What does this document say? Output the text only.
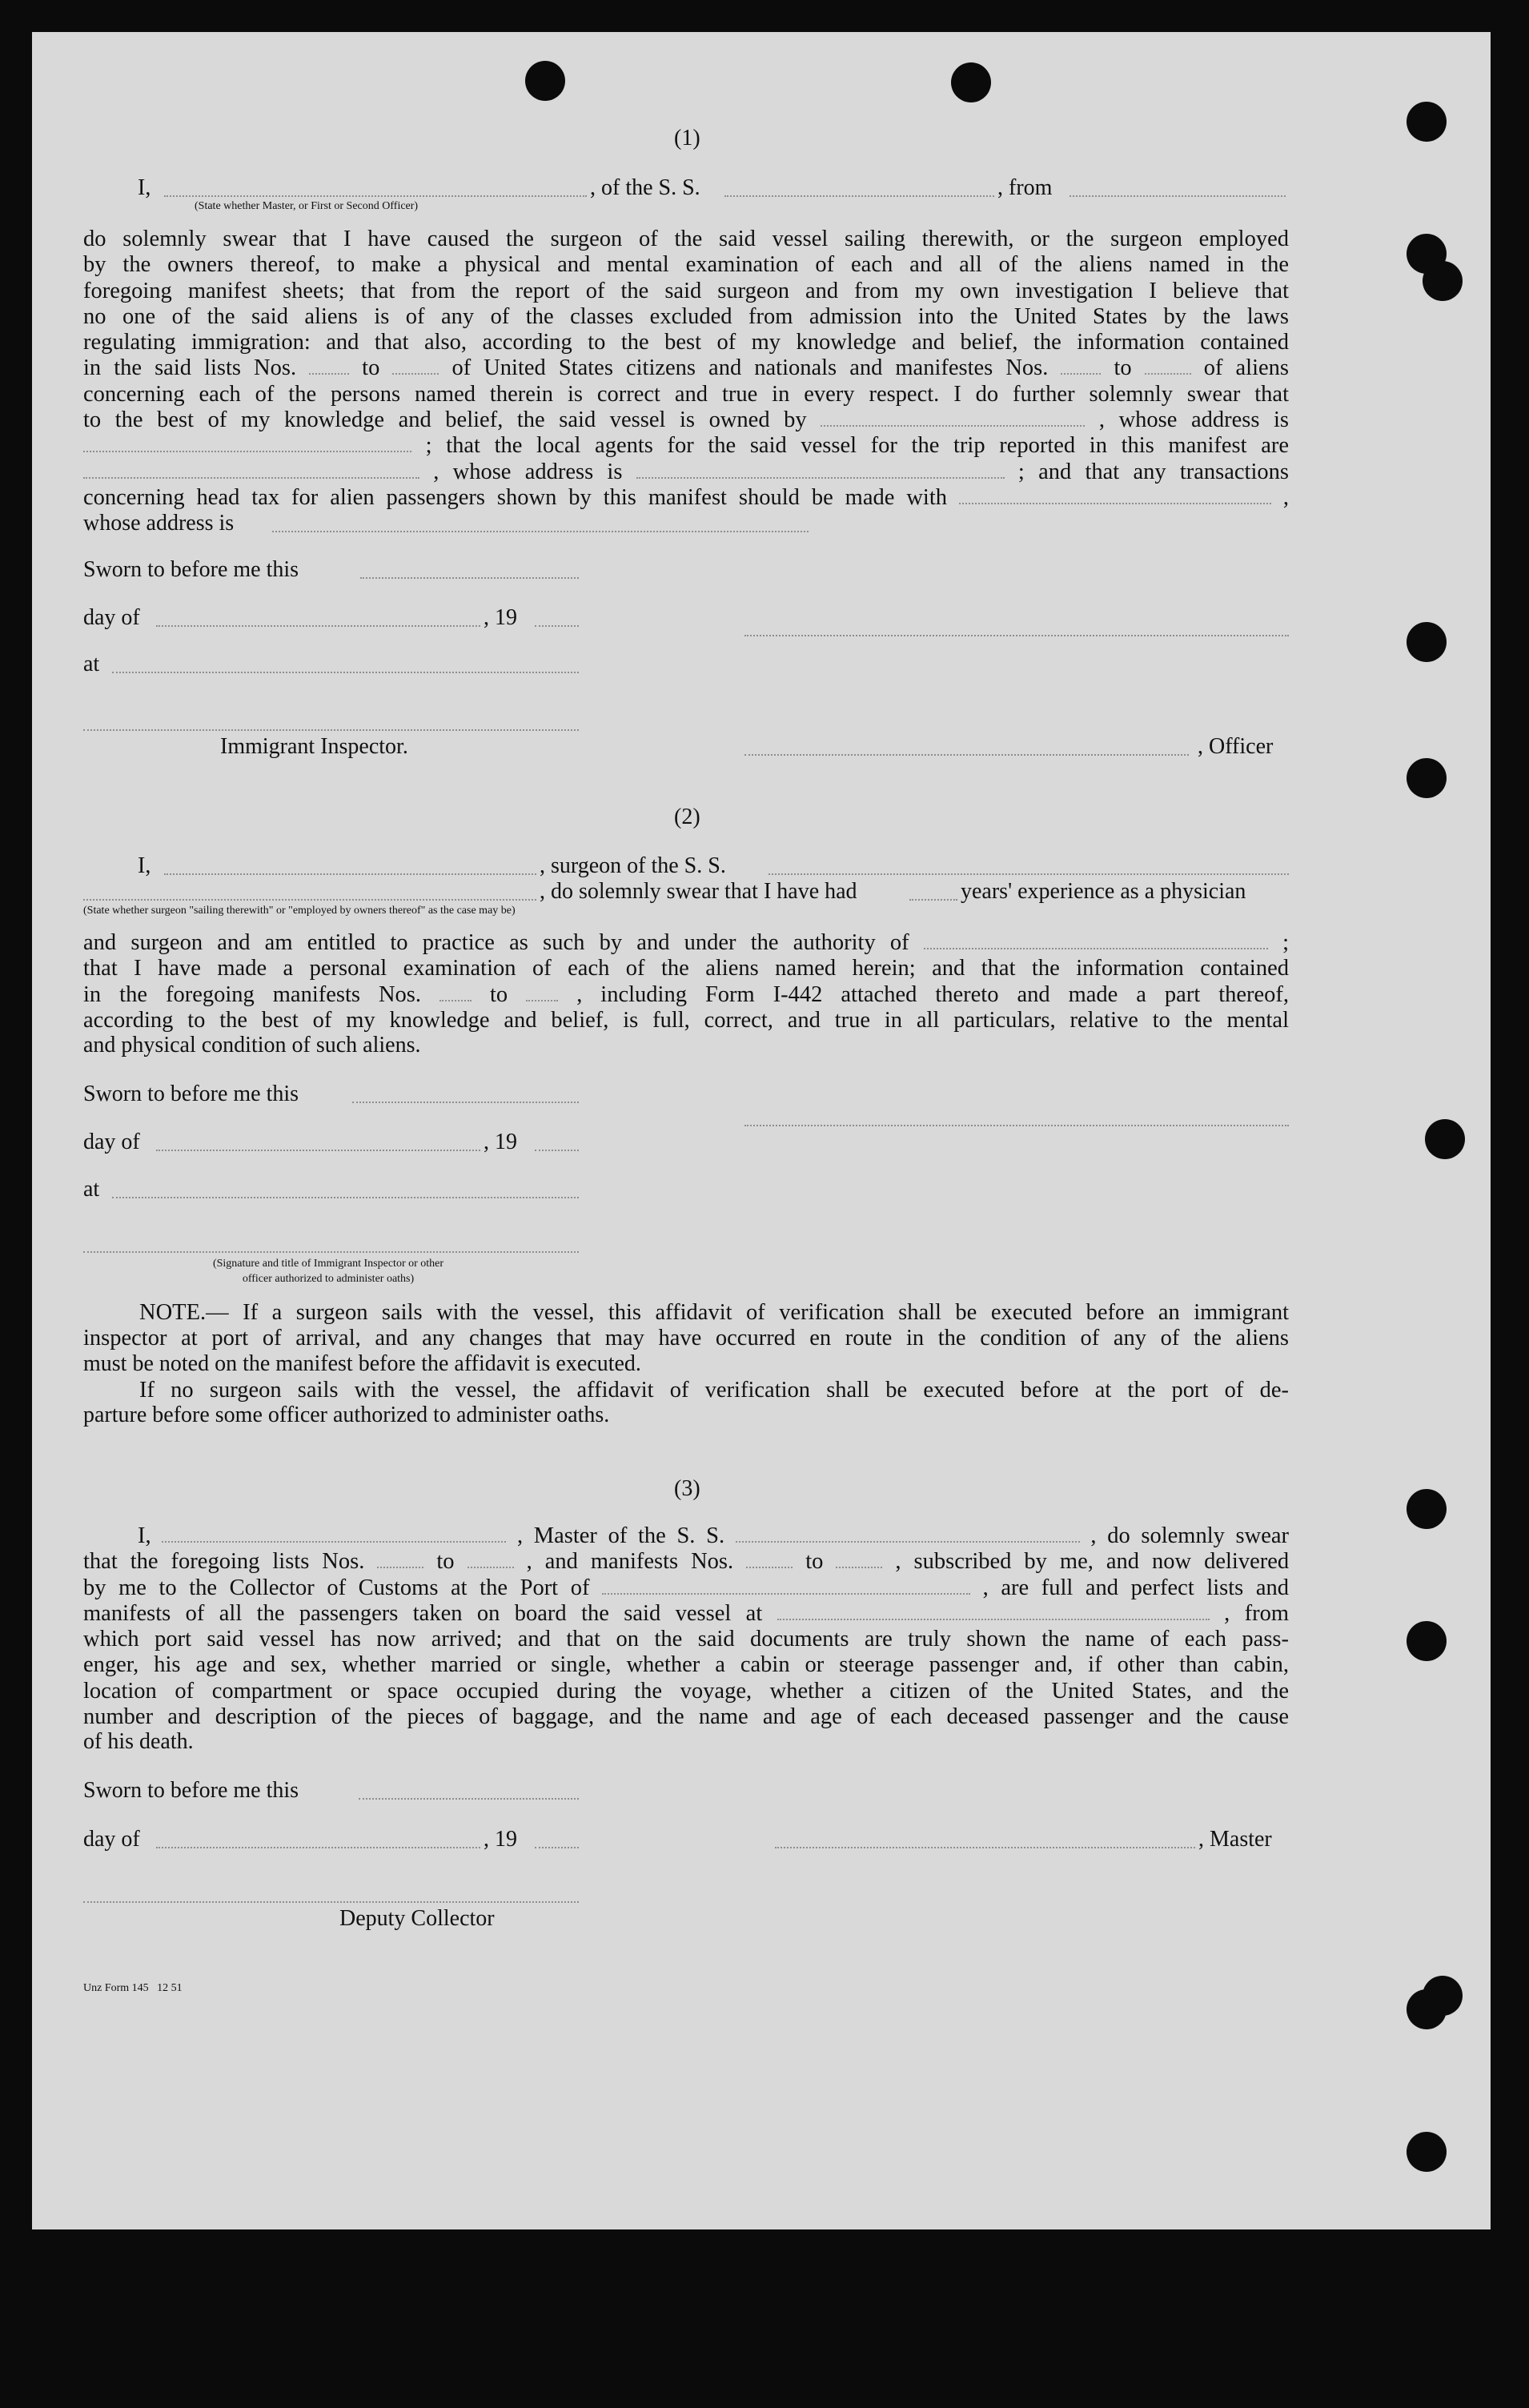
(1)
I,	, of the S. S.	, from
(State whether Master, or First or Second Officer)
do solemnly swear that I have caused the surgeon of the said vessel sailing therewith, or the surgeon employed
by the owners thereof, to make a physical and mental examination of each and all of the aliens named in the
foregoing manifest sheets; that from the report of the said surgeon and from my own investigation I believe that
no one of the said aliens is of any of the classes excluded from admission into the United States by the laws
regulating immigration: and that also, according to the best of my knowledge and belief, the information contained
in the said lists Nos.	to	of United States citizens and nationals and manifestes Nos.	to	of aliens
concerning each of the persons named therein is correct and true in every respect. I do further solemnly swear that
to the best of my knowledge and belief, the said vessel is owned by	, whose address is
; that the local agents for the said vessel for the trip reported in this manifest are
, whose address is	; and that any transactions
concerning head tax for alien passengers shown by this manifest should be made with	,
whose address is
Sworn to before me this
day of	, 19
at
Immigrant Inspector.	, Officer
(2)
I,	, surgeon of the S. S.
, do solemnly swear that I have had	years' experience as a physician
(State whether surgeon "sailing therewith" or "employed by owners thereof" as the case may be)
and surgeon and am entitled to practice as such by and under the authority of	;
that I have made a personal examination of each of the aliens named herein; and that the information contained
in the foregoing manifests Nos.	to	, including Form I-442 attached thereto and made a part thereof,
according to the best of my knowledge and belief, is full, correct, and true in all particulars, relative to the mental
and physical condition of such aliens.
Sworn to before me this
day of	, 19
at
(Signature and title of Immigrant Inspector or other
officer authorized to administer oaths)
NOTE.— If a surgeon sails with the vessel, this affidavit of verification shall be executed before an immigrant
inspector at port of arrival, and any changes that may have occurred en route in the condition of any of the aliens
must be noted on the manifest before the affidavit is executed.
If no surgeon sails with the vessel, the affidavit of verification shall be executed before at the port of de-
parture before some officer authorized to administer oaths.
(3)
I,	, Master of the S. S.	, do solemnly swear
that the foregoing lists Nos.	to	, and manifests Nos.	to	, subscribed by me, and now delivered
by me to the Collector of Customs at the Port of	, are full and perfect lists and
manifests of all the passengers taken on board the said vessel at	, from
which port said vessel has now arrived; and that on the said documents are truly shown the name of each pass-
enger, his age and sex, whether married or single, whether a cabin or steerage passenger and, if other than cabin,
location of compartment or space occupied during the voyage, whether a citizen of the United States, and the
number and description of the pieces of baggage, and the name and age of each deceased passenger and the cause
of his death.
Sworn to before me this
day of	, 19	, Master
Deputy Collector
Unz Form 145   12 51
